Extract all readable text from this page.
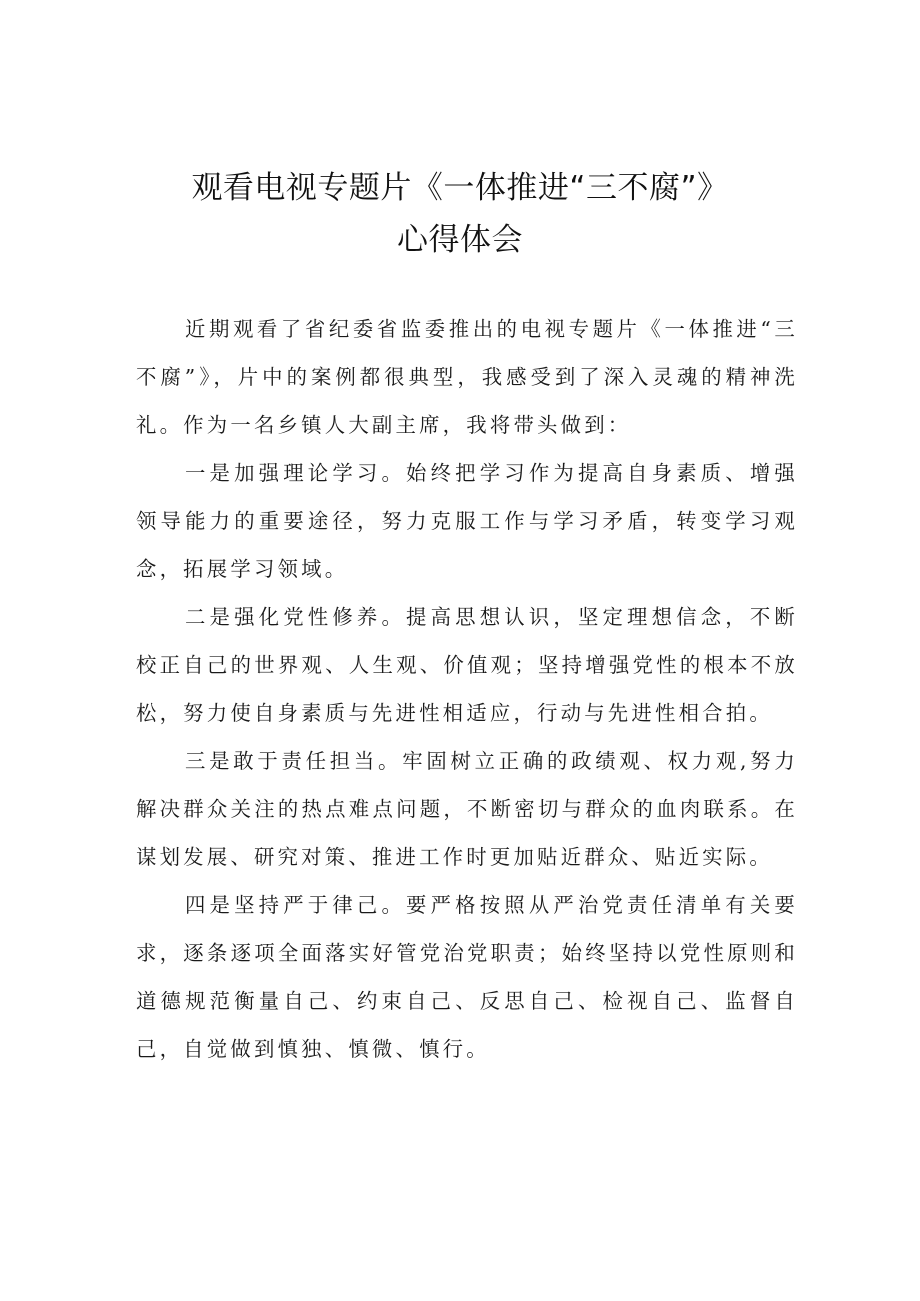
观看电视专题片《一体推进“三不腐”》
心得体会

近期观看了省纪委省监委推出的电视专题片《一体推进“三不腐”》，片中的案例都很典型，我感受到了深入灵魂的精神洗礼。作为一名乡镇人大副主席，我将带头做到：

一是加强理论学习。始终把学习作为提高自身素质、增强领导能力的重要途径，努力克服工作与学习矛盾，转变学习观念，拓展学习领域。

二是强化党性修养。提高思想认识，坚定理想信念，不断校正自己的世界观、人生观、价值观；坚持增强党性的根本不放松，努力使自身素质与先进性相适应，行动与先进性相合拍。

三是敢于责任担当。牢固树立正确的政绩观、权力观,努力解决群众关注的热点难点问题，不断密切与群众的血肉联系。在谋划发展、研究对策、推进工作时更加贴近群众、贴近实际。

四是坚持严于律己。要严格按照从严治党责任清单有关要求，逐条逐项全面落实好管党治党职责；始终坚持以党性原则和道德规范衡量自己、约束自己、反思自己、检视自己、监督自己，自觉做到慎独、慎微、慎行。
